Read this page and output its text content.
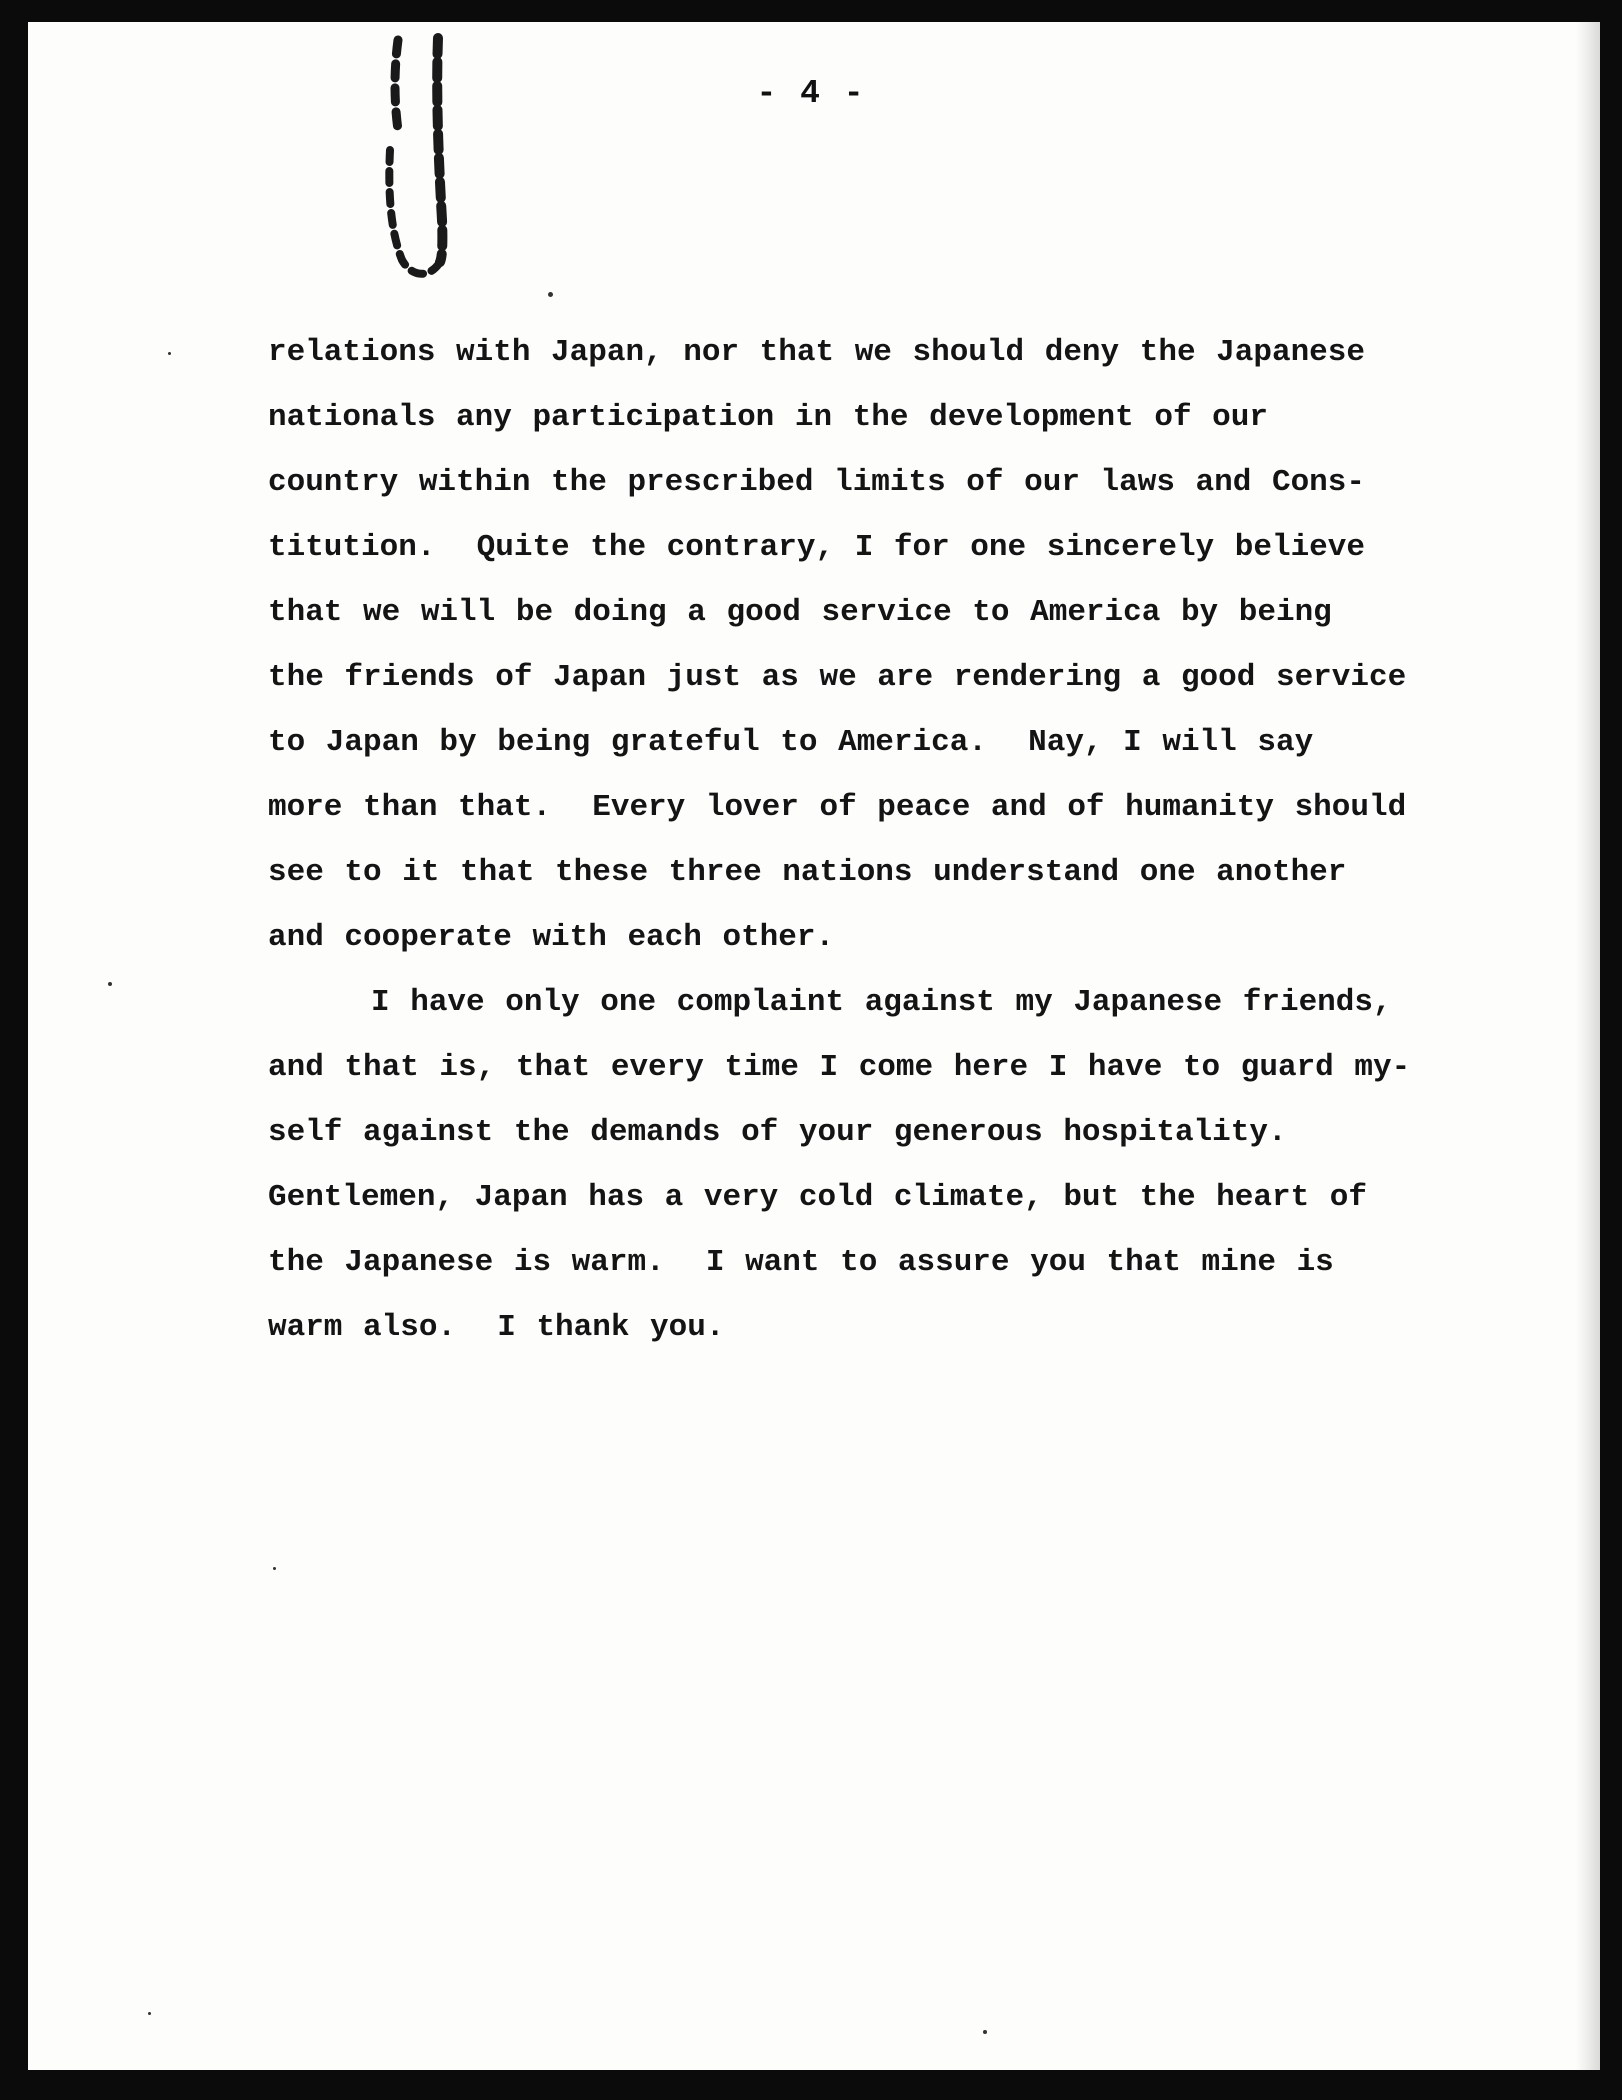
- 4 -
relations with Japan, nor that we should deny the Japanese
nationals any participation in the development of our
country within the prescribed limits of our laws and Cons-
titution.  Quite the contrary, I for one sincerely believe
that we will be doing a good service to America by being
the friends of Japan just as we are rendering a good service
to Japan by being grateful to America.  Nay, I will say
more than that.  Every lover of peace and of humanity should
see to it that these three nations understand one another
and cooperate with each other.
I have only one complaint against my Japanese friends,
and that is, that every time I come here I have to guard my-
self against the demands of your generous hospitality.
Gentlemen, Japan has a very cold climate, but the heart of
the Japanese is warm.  I want to assure you that mine is
warm also.  I thank you.
